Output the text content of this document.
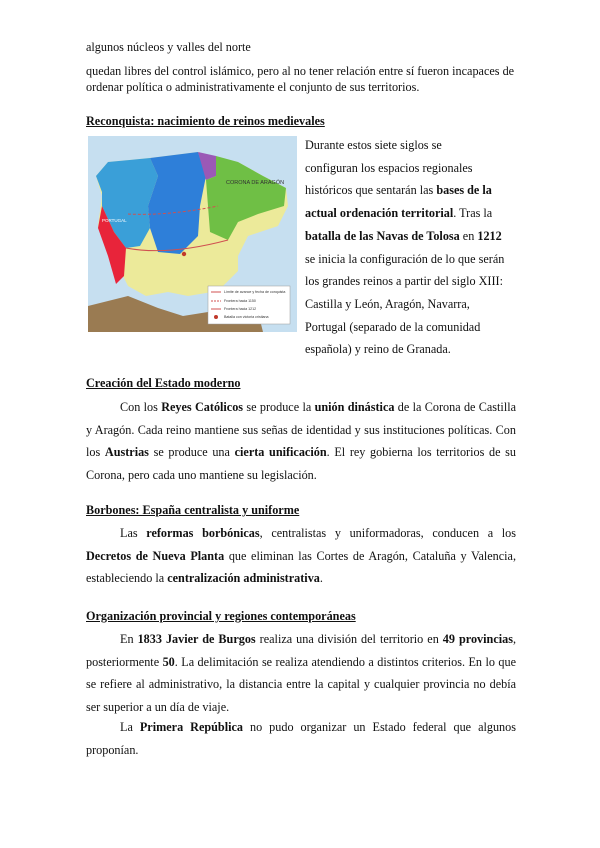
algunos núcleos y valles del norte
quedan libres del control islámico, pero al no tener relación entre sí fueron incapaces de
ordenar política o administrativamente el conjunto de sus territorios.
Reconquista: nacimiento de reinos medievales
CORONA DE ARAGÓN
PORTUGAL
Límite de avance y fecha de conquista
Frontera hacia 1150
Frontera hacia 1212
Batalla con victoria cristiana
Durante estos siete siglos se
configuran los espacios regionales
históricos que sentarán las bases de la
actual ordenación territorial. Tras la
batalla de las Navas de Tolosa en 1212
se inicia la configuración de lo que serán
los grandes reinos a partir del siglo XIII:
Castilla y León, Aragón, Navarra,
Portugal (separado de la comunidad
española) y reino de Granada.
Creación del Estado moderno
Con los Reyes Católicos se produce la unión dinástica de la Corona de Castilla y Aragón. Cada reino mantiene sus señas de identidad y sus instituciones políticas. Con los Austrias se produce una cierta unificación. El rey gobierna los territorios de su Corona, pero cada uno mantiene su legislación.
Borbones: España centralista y uniforme
Las reformas borbónicas, centralistas y uniformadoras, conducen a los Decretos de Nueva Planta que eliminan las Cortes de Aragón, Cataluña y Valencia, estableciendo la centralización administrativa.
Organización provincial y regiones contemporáneas
En 1833 Javier de Burgos realiza una división del territorio en 49 provincias, posteriormente 50. La delimitación se realiza atendiendo a distintos criterios. En lo que se refiere al administrativo, la distancia entre la capital y cualquier provincia no debía ser superior a un día de viaje.
La Primera República no pudo organizar un Estado federal que algunos proponían.
